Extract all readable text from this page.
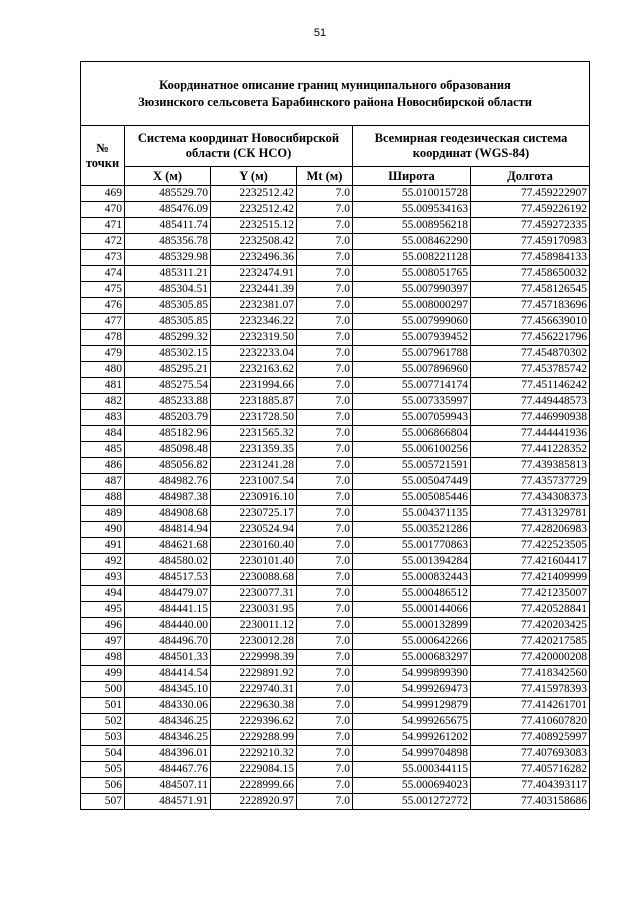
51
Координатное описание границ муниципального образования
Зюзинского сельсовета Барабинского района Новосибирской области					

№ точки	Система координат Новосибирской области (СК НСО)			Всемирная геодезическая система координат (WGS-84)	
	X (м)	Y (м)	Mt (м)	Широта	Долгота
469	485529.70	2232512.42	7.0	55.010015728	77.459222907
470	485476.09	2232512.42	7.0	55.009534163	77.459226192
471	485411.74	2232515.12	7.0	55.008956218	77.459272335
472	485356.78	2232508.42	7.0	55.008462290	77.459170983
473	485329.98	2232496.36	7.0	55.008221128	77.458984133
474	485311.21	2232474.91	7.0	55.008051765	77.458650032
475	485304.51	2232441.39	7.0	55.007990397	77.458126545
476	485305.85	2232381.07	7.0	55.008000297	77.457183696
477	485305.85	2232346.22	7.0	55.007999060	77.456639010
478	485299.32	2232319.50	7.0	55.007939452	77.456221796
479	485302.15	2232233.04	7.0	55.007961788	77.454870302
480	485295.21	2232163.62	7.0	55.007896960	77.453785742
481	485275.54	2231994.66	7.0	55.007714174	77.451146242
482	485233.88	2231885.87	7.0	55.007335997	77.449448573
483	485203.79	2231728.50	7.0	55.007059943	77.446990938
484	485182.96	2231565.32	7.0	55.006866804	77.444441936
485	485098.48	2231359.35	7.0	55.006100256	77.441228352
486	485056.82	2231241.28	7.0	55.005721591	77.439385813
487	484982.76	2231007.54	7.0	55.005047449	77.435737729
488	484987.38	2230916.10	7.0	55.005085446	77.434308373
489	484908.68	2230725.17	7.0	55.004371135	77.431329781
490	484814.94	2230524.94	7.0	55.003521286	77.428206983
491	484621.68	2230160.40	7.0	55.001770863	77.422523505
492	484580.02	2230101.40	7.0	55.001394284	77.421604417
493	484517.53	2230088.68	7.0	55.000832443	77.421409999
494	484479.07	2230077.31	7.0	55.000486512	77.421235007
495	484441.15	2230031.95	7.0	55.000144066	77.420528841
496	484440.00	2230011.12	7.0	55.000132899	77.420203425
497	484496.70	2230012.28	7.0	55.000642266	77.420217585
498	484501.33	2229998.39	7.0	55.000683297	77.420000208
499	484414.54	2229891.92	7.0	54.999899390	77.418342560
500	484345.10	2229740.31	7.0	54.999269473	77.415978393
501	484330.06	2229630.38	7.0	54.999129879	77.414261701
502	484346.25	2229396.62	7.0	54.999265675	77.410607820
503	484346.25	2229288.99	7.0	54.999261202	77.408925997
504	484396.01	2229210.32	7.0	54.999704898	77.407693083
505	484467.76	2229084.15	7.0	55.000344115	77.405716282
506	484507.11	2228999.66	7.0	55.000694023	77.404393117
507	484571.91	2228920.97	7.0	55.001272772	77.403158686
